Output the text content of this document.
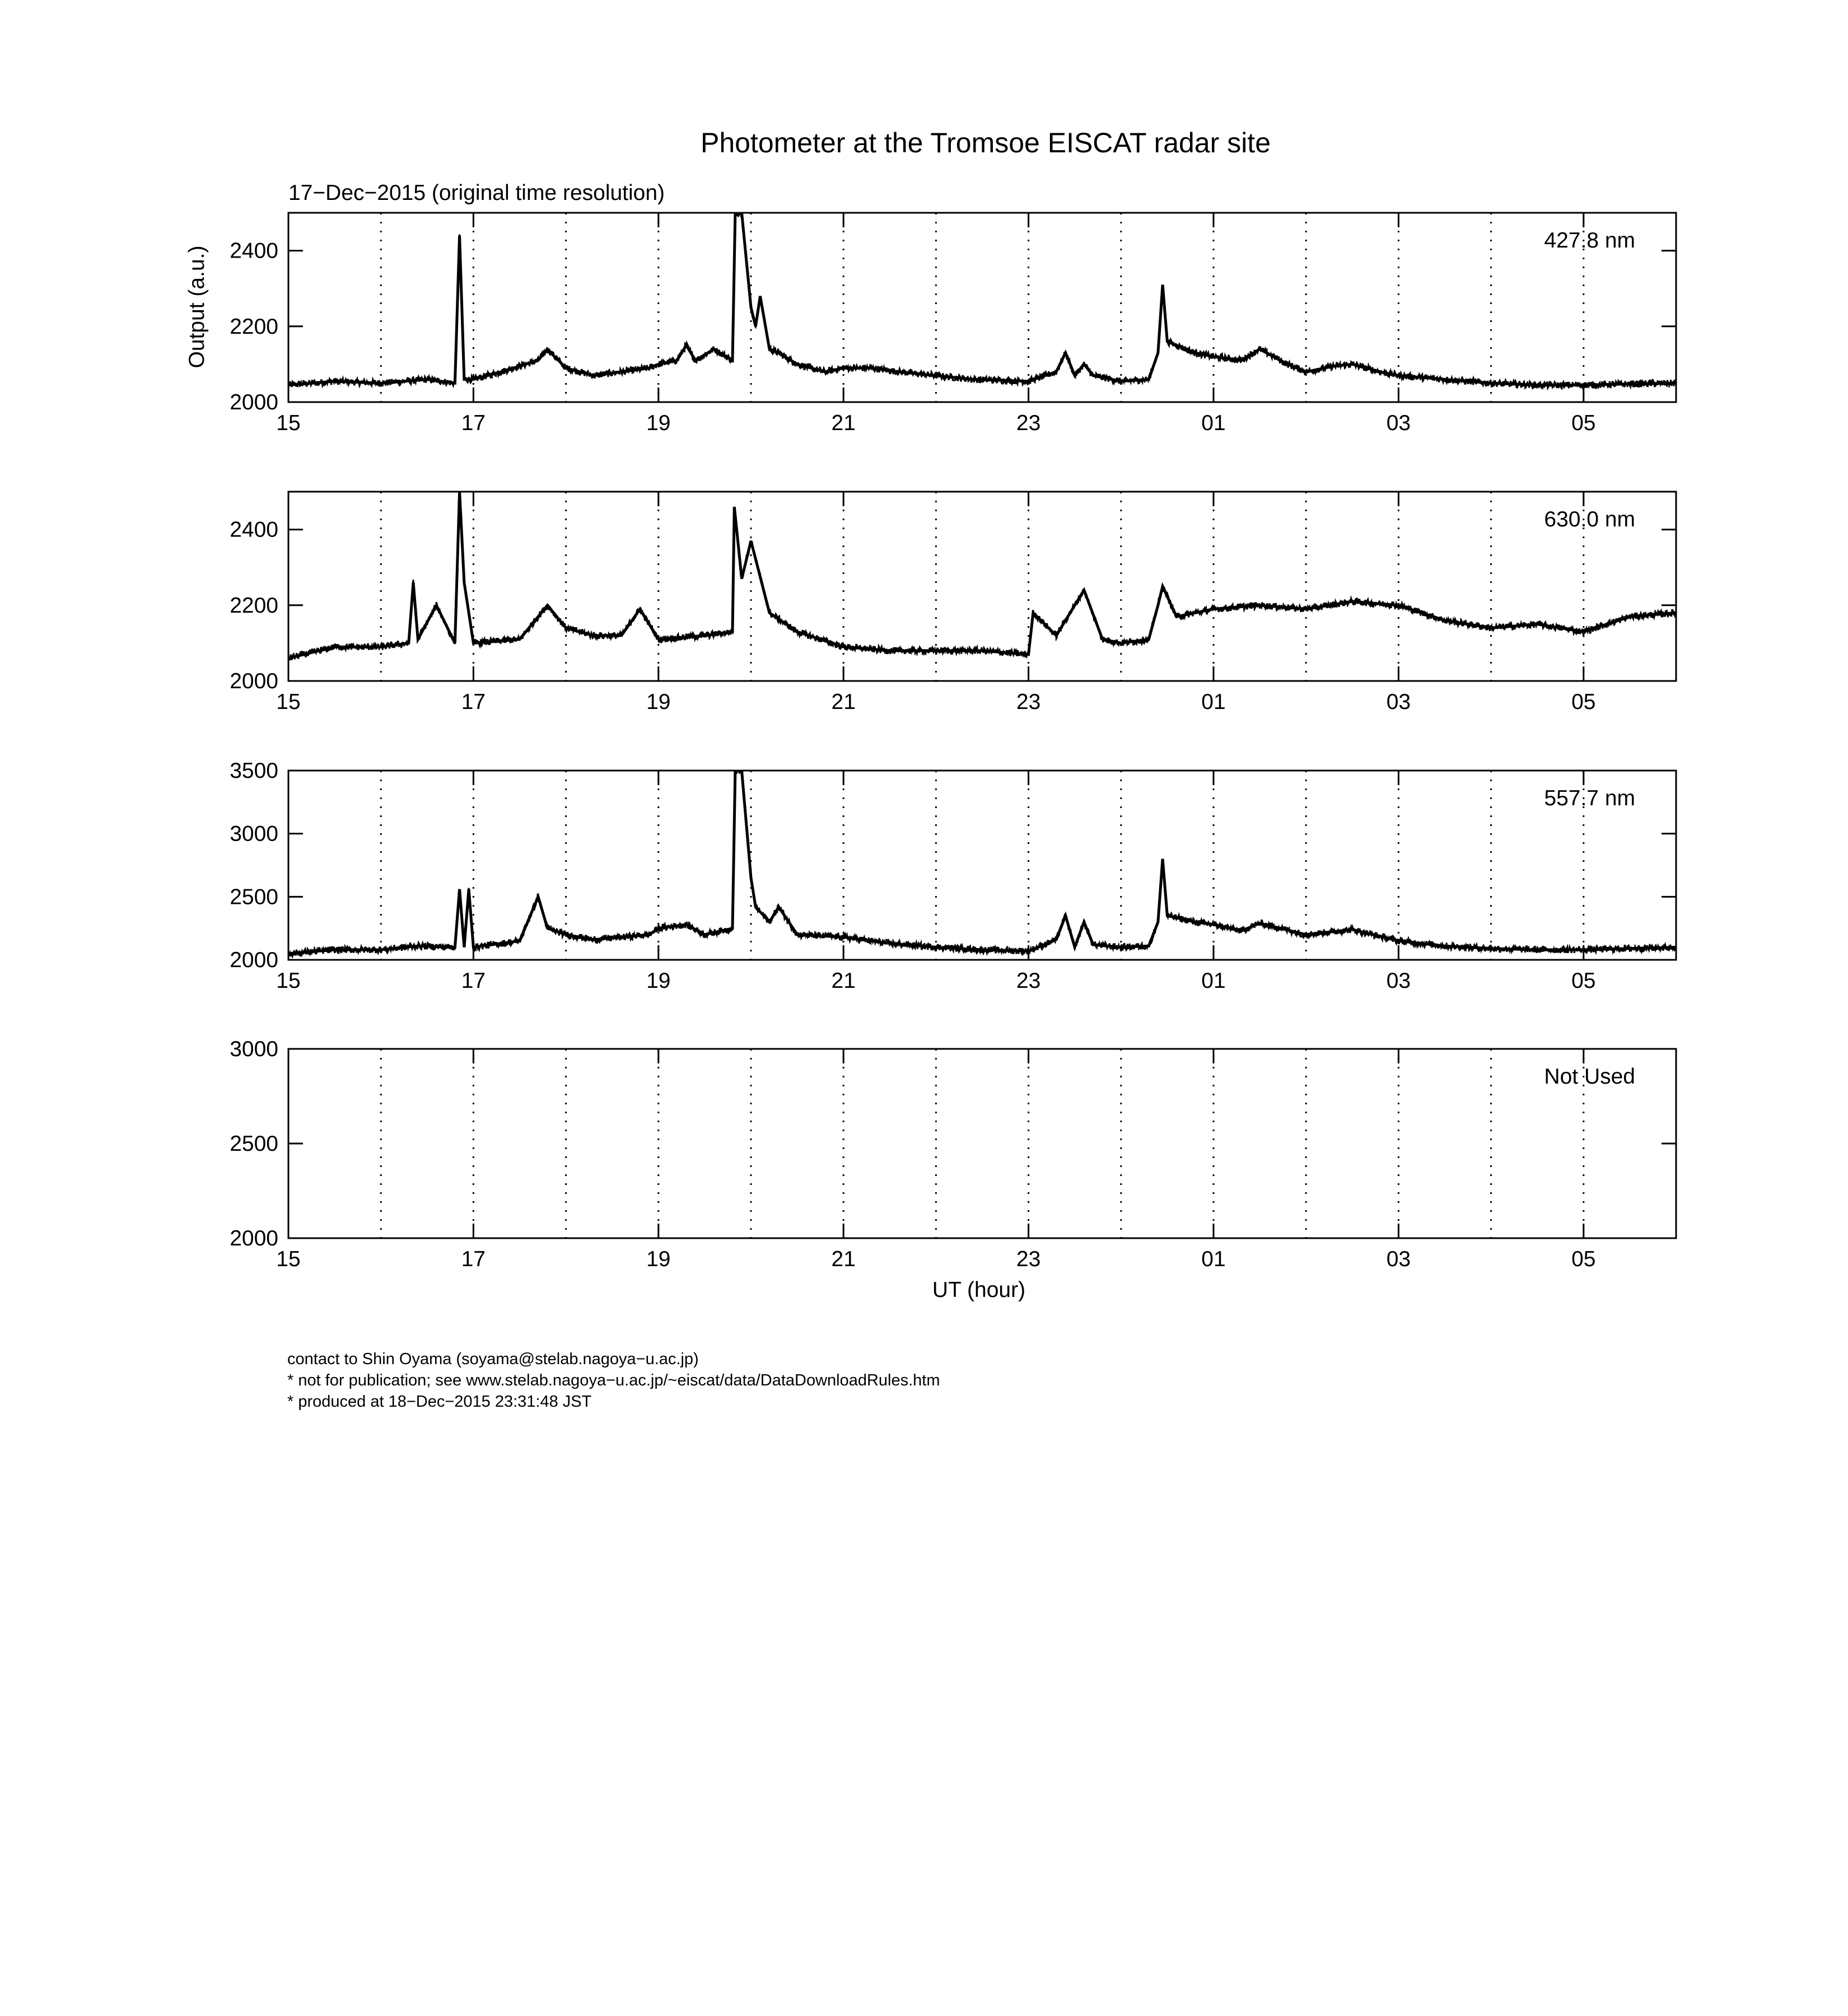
Photometer at the Tromsoe EISCAT radar site
17−Dec−2015 (original time resolution)
Output (a.u.)
UT (hour)
2000
2200
2400
15	17	19	21	23	01	03	05
427.8 nm
2000
2200
2400
15	17	19	21	23	01	03	05
630.0 nm
2000
2500
3000
3500
15	17	19	21	23	01	03	05
557.7 nm
2000
2500
3000
15	17	19	21	23	01	03	05
Not Used
contact to Shin Oyama (soyama@stelab.nagoya−u.ac.jp)
* not for publication; see www.stelab.nagoya−u.ac.jp/~eiscat/data/DataDownloadRules.htm
* produced at 18−Dec−2015 23:31:48 JST
